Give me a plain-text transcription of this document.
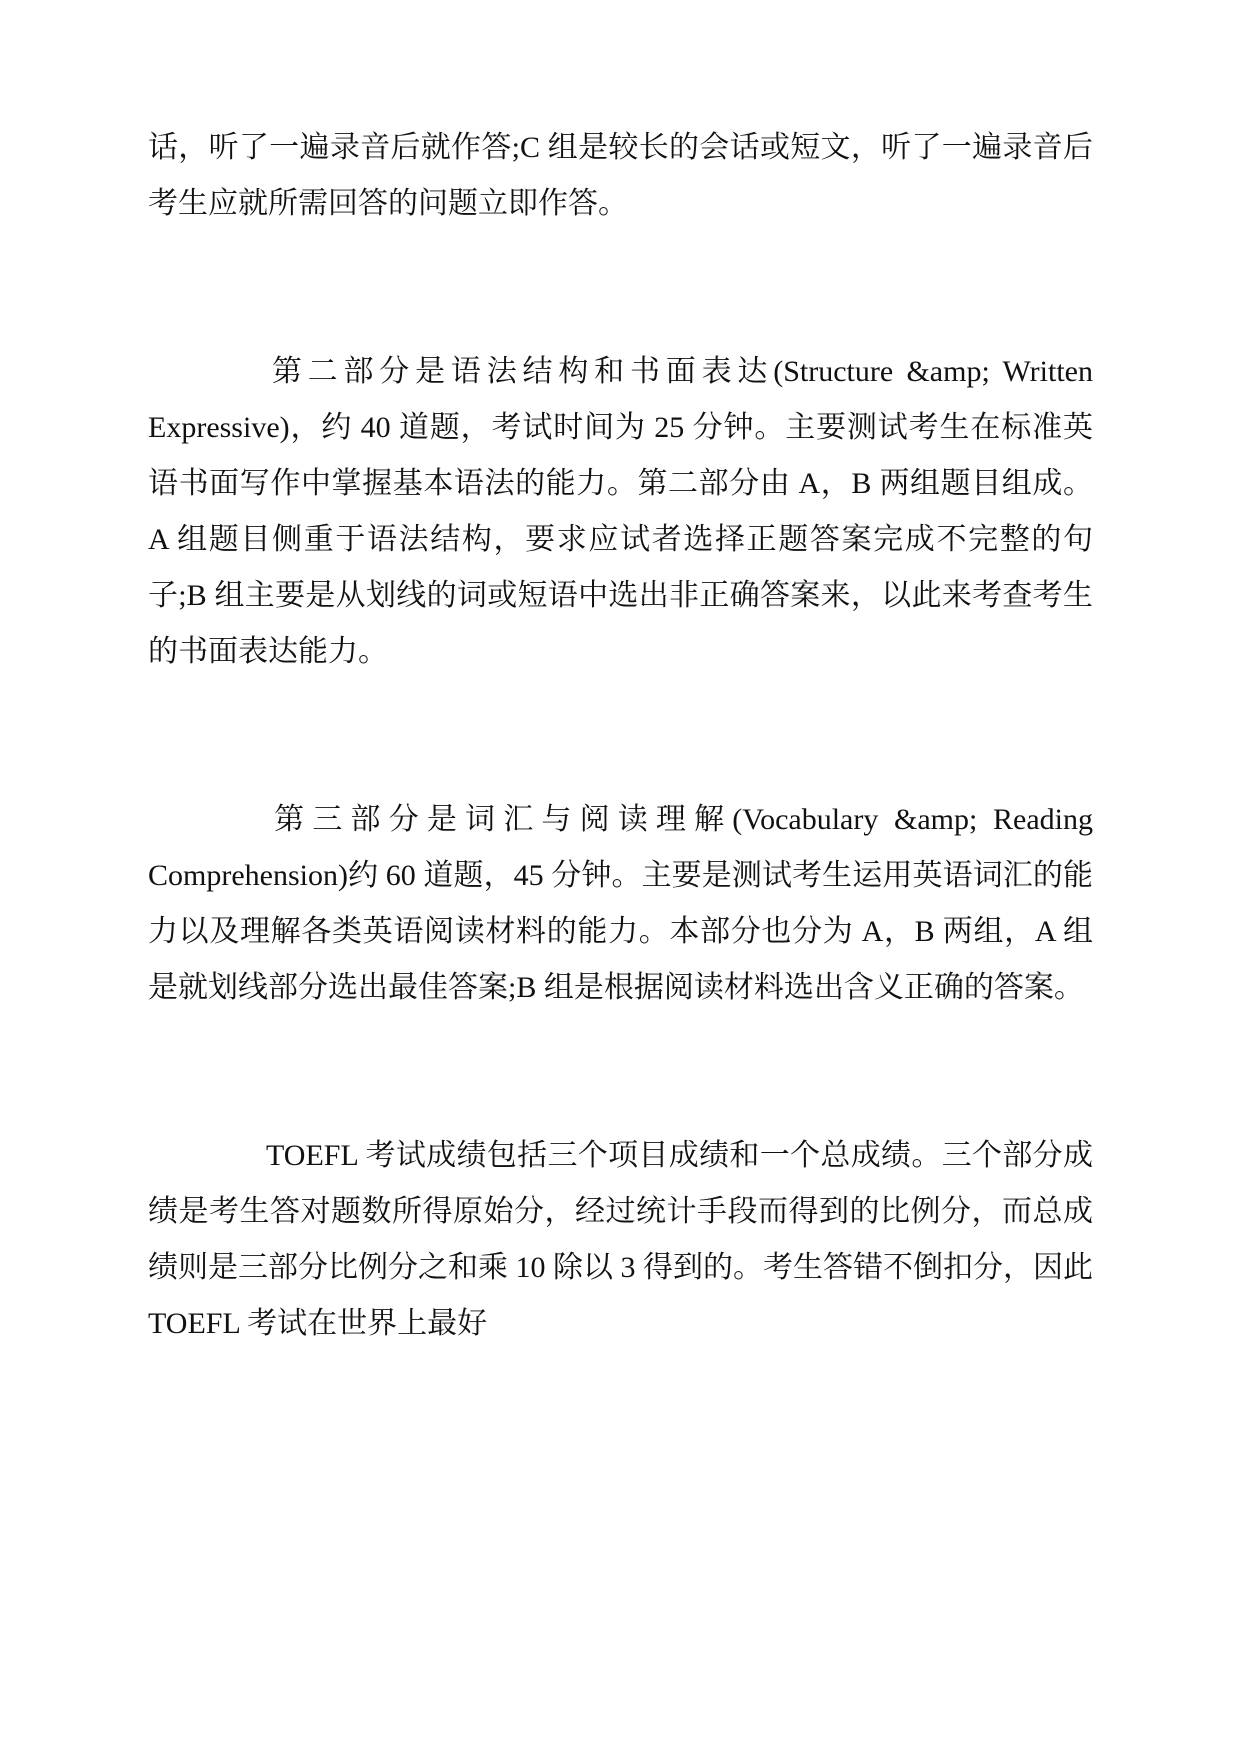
话，听了一遍录音后就作答;C 组是较长的会话或短文，听了一遍录音后考生应就所需回答的问题立即作答。

第二部分是语法结构和书面表达(Structure &amp; Written Expressive)，约 40 道题，考试时间为 25 分钟。主要测试考生在标准英语书面写作中掌握基本语法的能力。第二部分由 A，B 两组题目组成。A 组题目侧重于语法结构，要求应试者选择正题答案完成不完整的句子;B 组主要是从划线的词或短语中选出非正确答案来，以此来考查考生的书面表达能力。

第三部分是词汇与阅读理解(Vocabulary &amp; Reading Comprehension)约 60 道题，45 分钟。主要是测试考生运用英语词汇的能力以及理解各类英语阅读材料的能力。本部分也分为 A，B 两组，A 组是就划线部分选出最佳答案;B 组是根据阅读材料选出含义正确的答案。

TOEFL 考试成绩包括三个项目成绩和一个总成绩。三个部分成绩是考生答对题数所得原始分，经过统计手段而得到的比例分，而总成绩则是三部分比例分之和乘 10 除以 3 得到的。考生答错不倒扣分，因此 TOEFL 考试在世界上最好
